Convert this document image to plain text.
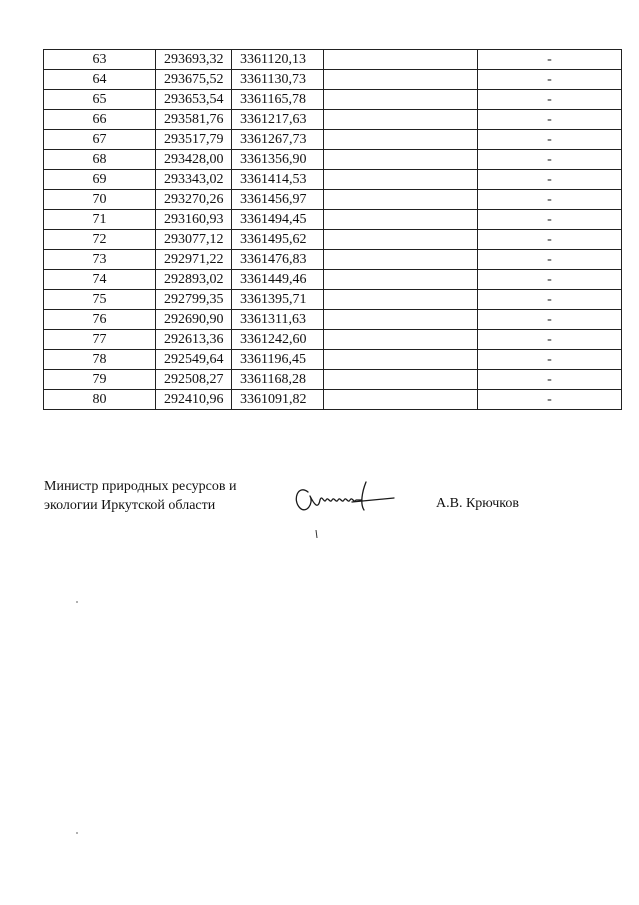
63	293693,32	3361120,13		-
64	293675,52	3361130,73		-
65	293653,54	3361165,78		-
66	293581,76	3361217,63		-
67	293517,79	3361267,73		-
68	293428,00	3361356,90		-
69	293343,02	3361414,53		-
70	293270,26	3361456,97		-
71	293160,93	3361494,45		-
72	293077,12	3361495,62		-
73	292971,22	3361476,83		-
74	292893,02	3361449,46		-
75	292799,35	3361395,71		-
76	292690,90	3361311,63		-
77	292613,36	3361242,60		-
78	292549,64	3361196,45		-
79	292508,27	3361168,28		-
80	292410,96	3361091,82		-
Министр природных ресурсов и
экологии Иркутской области	А.В. Крючков
